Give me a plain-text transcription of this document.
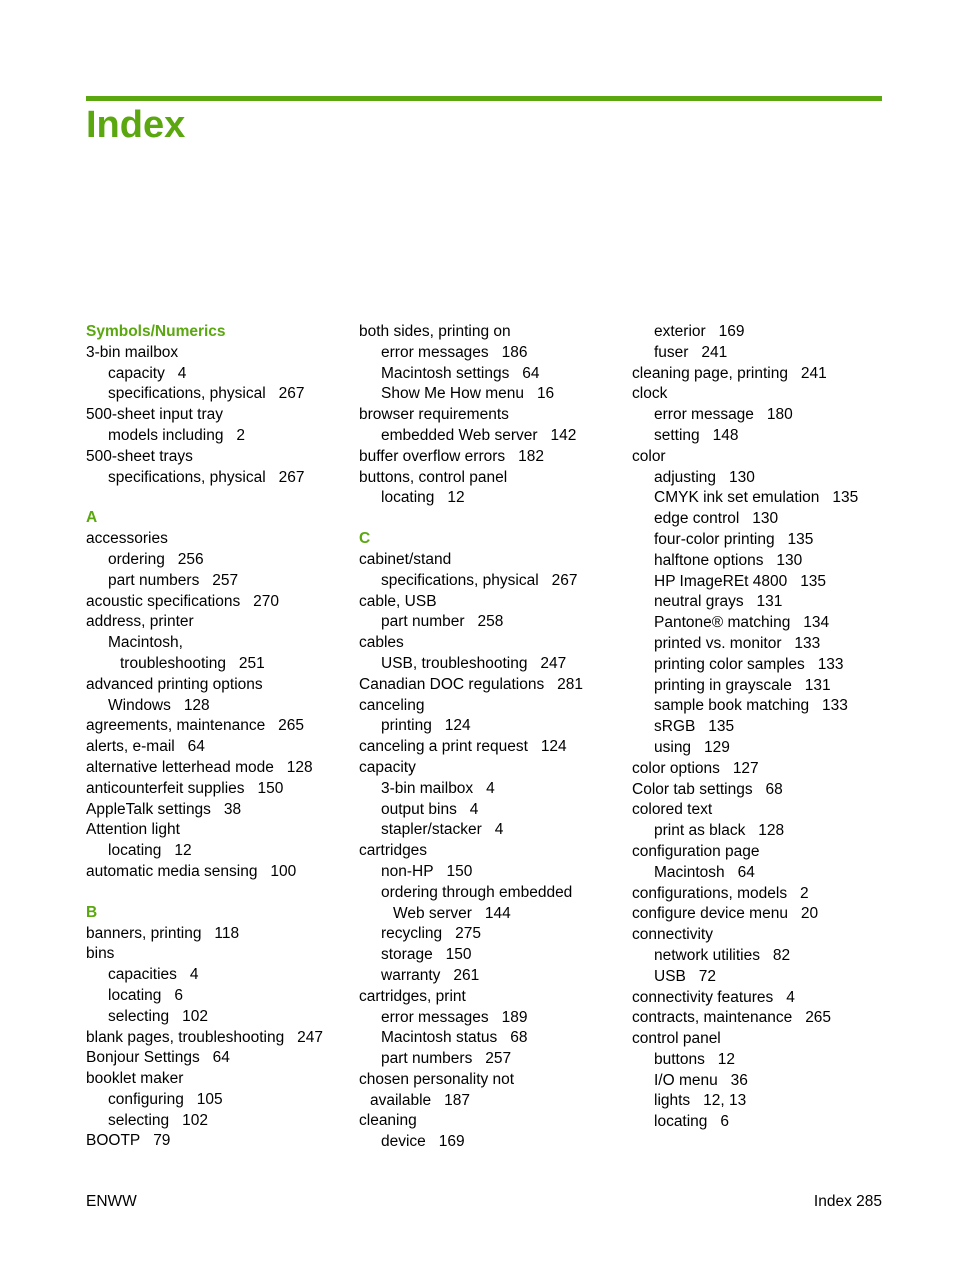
Index
Symbols/Numerics
3-bin mailbox
capacity 4
specifications, physical 267
500-sheet input tray
models including 2
500-sheet trays
specifications, physical 267
A
accessories
ordering 256
part numbers 257
acoustic specifications 270
address, printer
Macintosh,
troubleshooting 251
advanced printing options
Windows 128
agreements, maintenance 265
alerts, e-mail 64
alternative letterhead mode 128
anticounterfeit supplies 150
AppleTalk settings 38
Attention light
locating 12
automatic media sensing 100
B
banners, printing 118
bins
capacities 4
locating 6
selecting 102
blank pages, troubleshooting 247
Bonjour Settings 64
booklet maker
configuring 105
selecting 102
BOOTP 79
both sides, printing on
error messages 186
Macintosh settings 64
Show Me How menu 16
browser requirements
embedded Web server 142
buffer overflow errors 182
buttons, control panel
locating 12
C
cabinet/stand
specifications, physical 267
cable, USB
part number 258
cables
USB, troubleshooting 247
Canadian DOC regulations 281
canceling
printing 124
canceling a print request 124
capacity
3-bin mailbox 4
output bins 4
stapler/stacker 4
cartridges
non-HP 150
ordering through embedded
Web server 144
recycling 275
storage 150
warranty 261
cartridges, print
error messages 189
Macintosh status 68
part numbers 257
chosen personality not
available 187
cleaning
device 169
exterior 169
fuser 241
cleaning page, printing 241
clock
error message 180
setting 148
color
adjusting 130
CMYK ink set emulation 135
edge control 130
four-color printing 135
halftone options 130
HP ImageREt 4800 135
neutral grays 131
Pantone® matching 134
printed vs. monitor 133
printing color samples 133
printing in grayscale 131
sample book matching 133
sRGB 135
using 129
color options 127
Color tab settings 68
colored text
print as black 128
configuration page
Macintosh 64
configurations, models 2
configure device menu 20
connectivity
network utilities 82
USB 72
connectivity features 4
contracts, maintenance 265
control panel
buttons 12
I/O menu 36
lights 12, 13
locating 6
ENWW	Index 285
